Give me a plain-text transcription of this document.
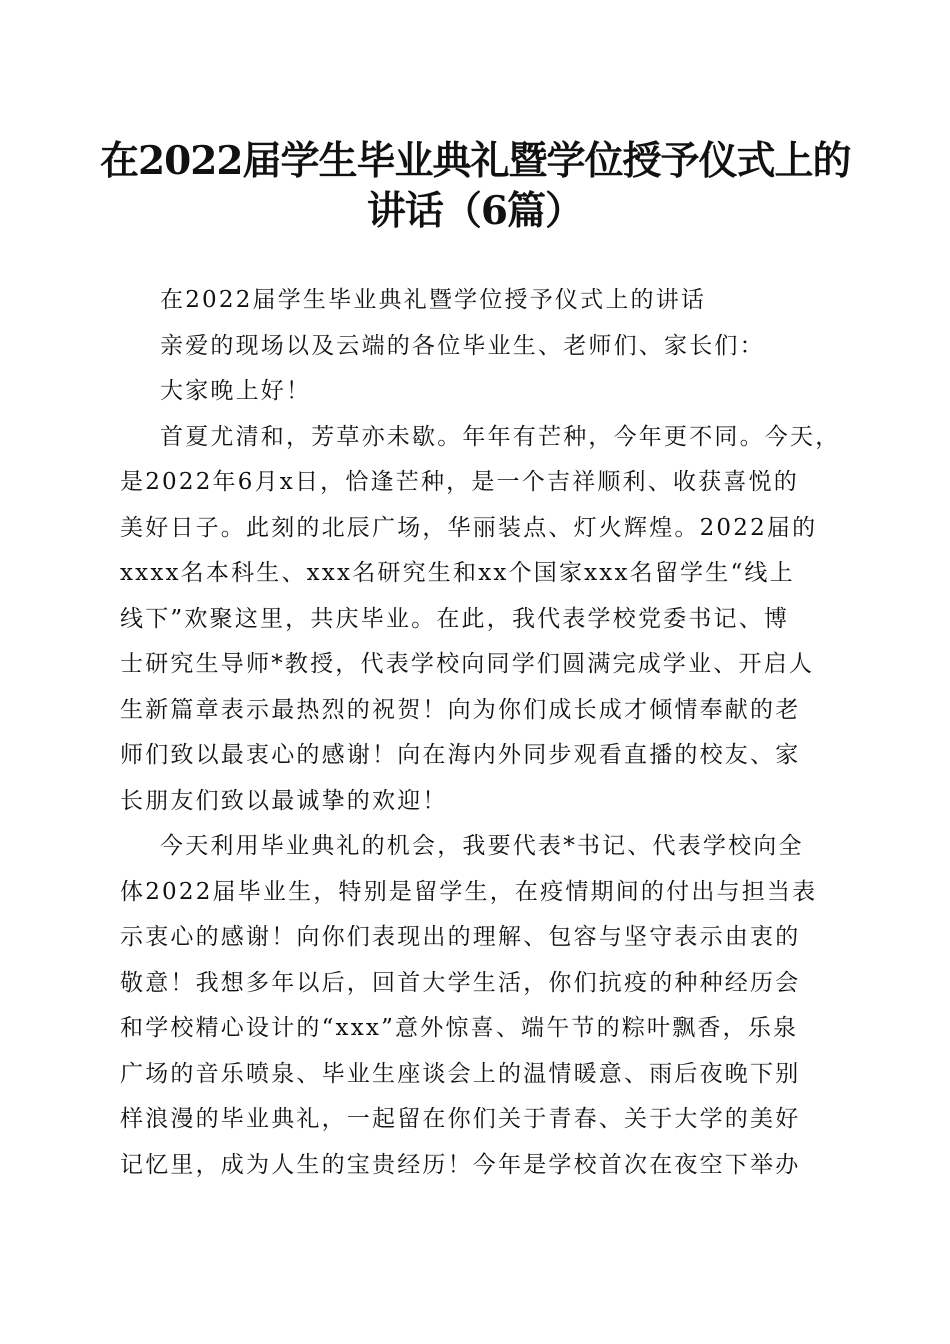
在2022届学生毕业典礼暨学位授予仪式上的
讲话（6篇）
在2022届学生毕业典礼暨学位授予仪式上的讲话
亲爱的现场以及云端的各位毕业生、老师们、家长们：
大家晚上好！
首夏尤清和，芳草亦未歇。年年有芒种，今年更不同。今天，
是2022年6月x日，恰逢芒种，是一个吉祥顺利、收获喜悦的
美好日子。此刻的北辰广场，华丽装点、灯火辉煌。2022届的
xxxx名本科生、xxx名研究生和xx个国家xxx名留学生“线上
线下”欢聚这里，共庆毕业。在此，我代表学校党委书记、博
士研究生导师*教授，代表学校向同学们圆满完成学业、开启人
生新篇章表示最热烈的祝贺！向为你们成长成才倾情奉献的老
师们致以最衷心的感谢！向在海内外同步观看直播的校友、家
长朋友们致以最诚挚的欢迎！
今天利用毕业典礼的机会，我要代表*书记、代表学校向全
体2022届毕业生，特别是留学生，在疫情期间的付出与担当表
示衷心的感谢！向你们表现出的理解、包容与坚守表示由衷的
敬意！我想多年以后，回首大学生活，你们抗疫的种种经历会
和学校精心设计的“xxx”意外惊喜、端午节的粽叶飘香，乐泉
广场的音乐喷泉、毕业生座谈会上的温情暖意、雨后夜晚下别
样浪漫的毕业典礼，一起留在你们关于青春、关于大学的美好
记忆里，成为人生的宝贵经历！今年是学校首次在夜空下举办
